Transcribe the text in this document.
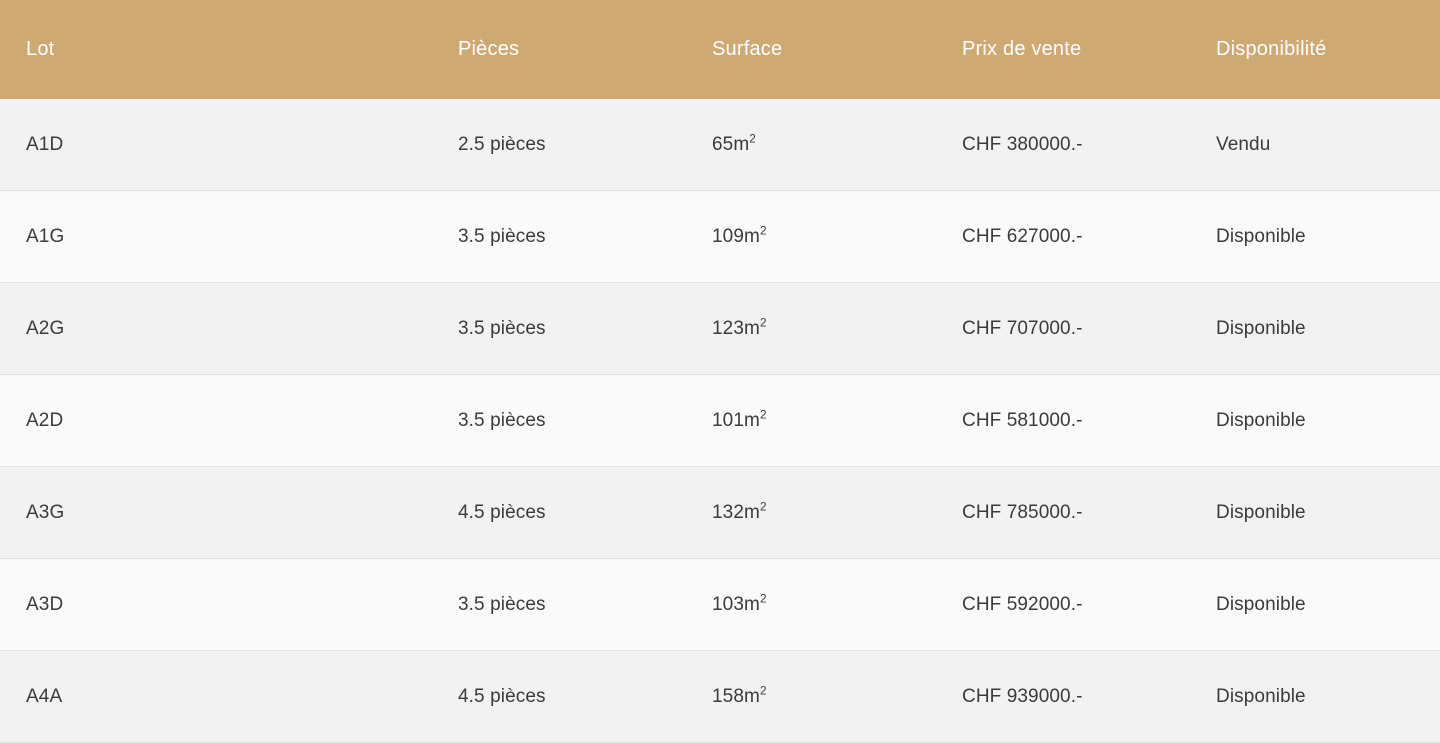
Lot	Pièces	Surface	Prix de vente	Disponibilité
A1D	2.5 pièces	$65m^2$	CHF 380000.-	Vendu
A1G	3.5 pièces	$109m^2$	CHF 627000.-	Disponible
A2G	3.5 pièces	$123m^2$	CHF 707000.-	Disponible
A2D	3.5 pièces	$101m^2$	CHF 581000.-	Disponible
A3G	4.5 pièces	$132m^2$	CHF 785000.-	Disponible
A3D	3.5 pièces	$103m^2$	CHF 592000.-	Disponible
A4A	4.5 pièces	$158m^2$	CHF 939000.-	Disponible
